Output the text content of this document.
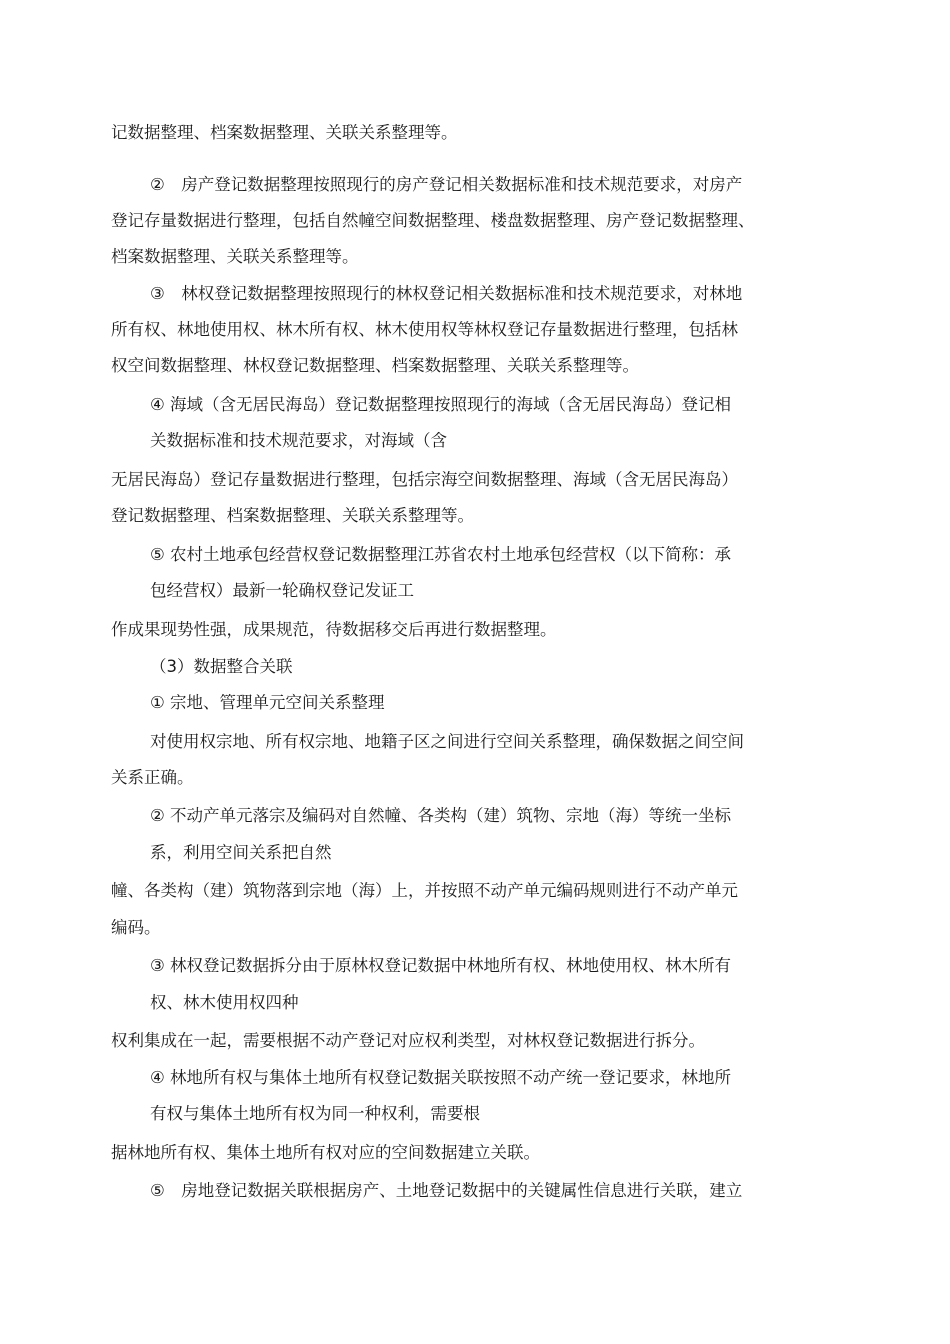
记数据整理、档案数据整理、关联关系整理等。
②　房产登记数据整理按照现行的房产登记相关数据标准和技术规范要求，对房产
登记存量数据进行整理，包括自然幢空间数据整理、楼盘数据整理、房产登记数据整理、
档案数据整理、关联关系整理等。
③　林权登记数据整理按照现行的林权登记相关数据标准和技术规范要求，对林地
所有权、林地使用权、林木所有权、林木使用权等林权登记存量数据进行整理，包括林
权空间数据整理、林权登记数据整理、档案数据整理、关联关系整理等。
④ 海域（含无居民海岛）登记数据整理按照现行的海域（含无居民海岛）登记相
关数据标准和技术规范要求，对海域（含
无居民海岛）登记存量数据进行整理，包括宗海空间数据整理、海域（含无居民海岛）
登记数据整理、档案数据整理、关联关系整理等。
⑤ 农村土地承包经营权登记数据整理江苏省农村土地承包经营权（以下简称：承
包经营权）最新一轮确权登记发证工
作成果现势性强，成果规范，待数据移交后再进行数据整理。
（3）数据整合关联
① 宗地、管理单元空间关系整理
对使用权宗地、所有权宗地、地籍子区之间进行空间关系整理，确保数据之间空间
关系正确。
② 不动产单元落宗及编码对自然幢、各类构（建）筑物、宗地（海）等统一坐标
系，利用空间关系把自然
幢、各类构（建）筑物落到宗地（海）上，并按照不动产单元编码规则进行不动产单元
编码。
③ 林权登记数据拆分由于原林权登记数据中林地所有权、林地使用权、林木所有
权、林木使用权四种
权利集成在一起，需要根据不动产登记对应权利类型，对林权登记数据进行拆分。
④ 林地所有权与集体土地所有权登记数据关联按照不动产统一登记要求，林地所
有权与集体土地所有权为同一种权利，需要根
据林地所有权、集体土地所有权对应的空间数据建立关联。
⑤　房地登记数据关联根据房产、土地登记数据中的关键属性信息进行关联，建立
